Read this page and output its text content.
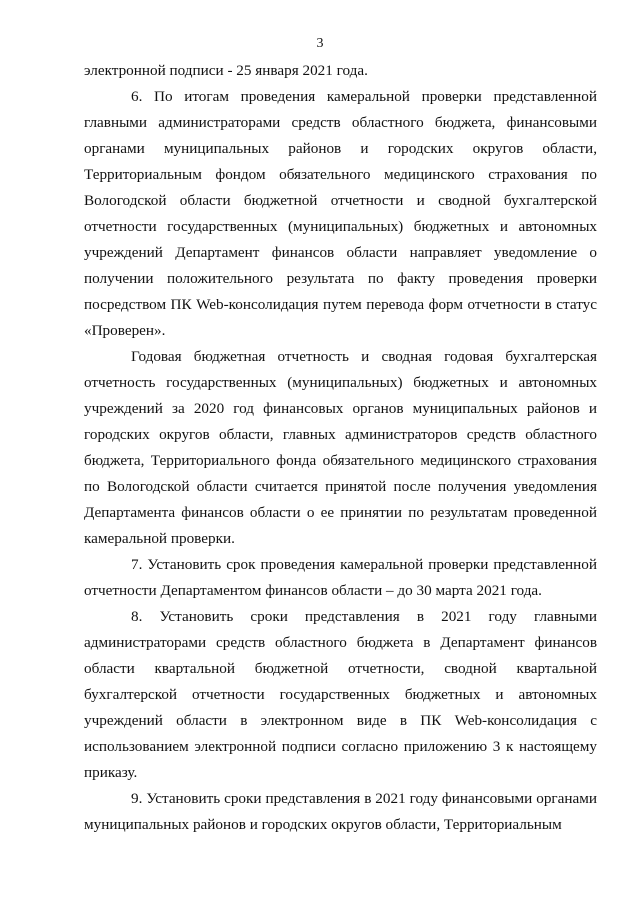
3

электронной подписи - 25 января 2021 года.

6. По итогам проведения камеральной проверки представленной главными администраторами средств областного бюджета, финансовыми органами муниципальных районов и городских округов области, Территориальным фондом обязательного медицинского страхования по Вологодской области бюджетной отчетности и сводной бухгалтерской отчетности государственных (муниципальных) бюджетных и автономных учреждений Департамент финансов области направляет уведомление о получении положительного результата по факту проведения проверки посредством ПК Web-консолидация путем перевода форм отчетности в статус «Проверен».

Годовая бюджетная отчетность и сводная годовая бухгалтерская отчетность государственных (муниципальных) бюджетных и автономных учреждений за 2020 год финансовых органов муниципальных районов и городских округов области, главных администраторов средств областного бюджета, Территориального фонда обязательного медицинского страхования по Вологодской области считается принятой после получения уведомления Департамента финансов области о ее принятии по результатам проведенной камеральной проверки.

7. Установить срок проведения камеральной проверки представленной отчетности Департаментом финансов области – до 30 марта 2021 года.

8. Установить сроки представления в 2021 году главными администраторами средств областного бюджета в Департамент финансов области квартальной бюджетной отчетности, сводной квартальной бухгалтерской отчетности государственных бюджетных и автономных учреждений области в электронном виде в ПК Web-консолидация с использованием электронной подписи согласно приложению 3 к настоящему приказу.

9. Установить сроки представления в 2021 году финансовыми органами муниципальных районов и городских округов области, Территориальным
